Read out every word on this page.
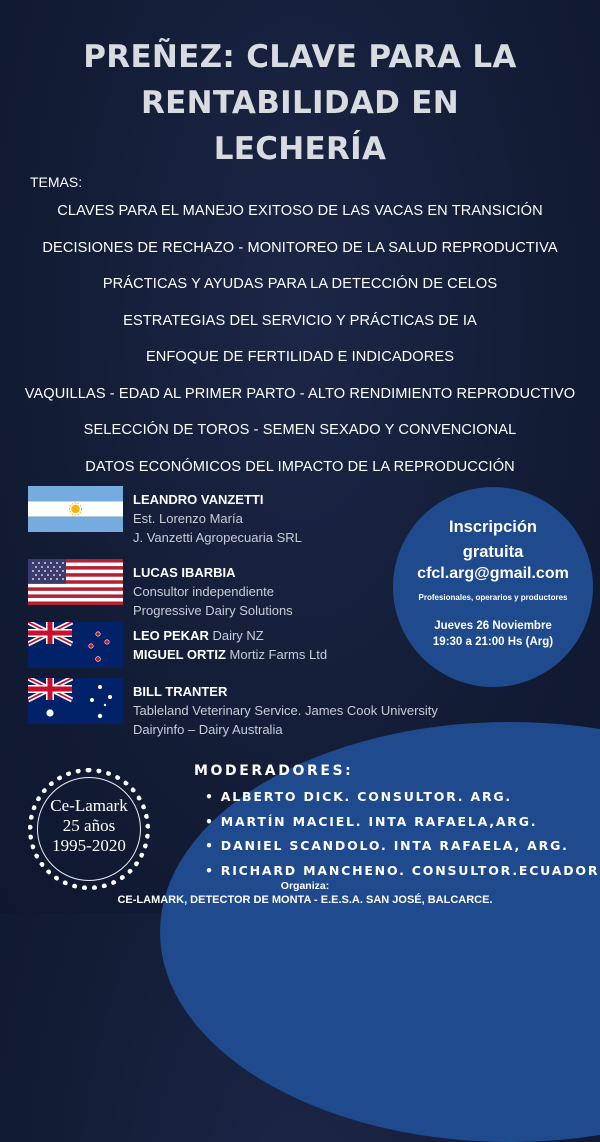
PREÑEZ: CLAVE PARA LA
RENTABILIDAD EN
LECHERÍA
TEMAS:
CLAVES PARA EL MANEJO EXITOSO DE LAS VACAS EN TRANSICIÓN
DECISIONES DE RECHAZO - MONITOREO DE LA SALUD REPRODUCTIVA
PRÁCTICAS Y AYUDAS PARA LA DETECCIÓN DE CELOS
ESTRATEGIAS DEL SERVICIO Y PRÁCTICAS DE IA
ENFOQUE DE FERTILIDAD E INDICADORES
VAQUILLAS - EDAD AL PRIMER PARTO - ALTO RENDIMIENTO REPRODUCTIVO
SELECCIÓN DE TOROS - SEMEN SEXADO Y CONVENCIONAL
DATOS ECONÓMICOS DEL IMPACTO DE LA REPRODUCCIÓN
LEANDRO VANZETTI
Est. Lorenzo María
J. Vanzetti Agropecuaria SRL
LUCAS IBARBIA
Consultor independiente
Progressive Dairy Solutions
LEO PEKAR Dairy NZ
MIGUEL ORTIZ Mortiz Farms Ltd
BILL TRANTER
Tableland Veterinary Service. James Cook University
Dairyinfo – Dairy Australia
Inscripción
gratuita
cfcl.arg@gmail.com
Profesionales, operarios y productores
Jueves 26 Noviembre
19:30 a 21:00 Hs (Arg)
Ce-Lamark
25 años
1995-2020
MODERADORES:
• ALBERTO DICK. CONSULTOR. ARG.
• MARTÍN MACIEL. INTA RAFAELA,ARG.
• DANIEL SCANDOLO. INTA RAFAELA, ARG.
• RICHARD MANCHENO. CONSULTOR.ECUADOR
Organiza:
CE-LAMARK, DETECTOR DE MONTA - E.E.S.A. SAN JOSÉ, BALCARCE.
